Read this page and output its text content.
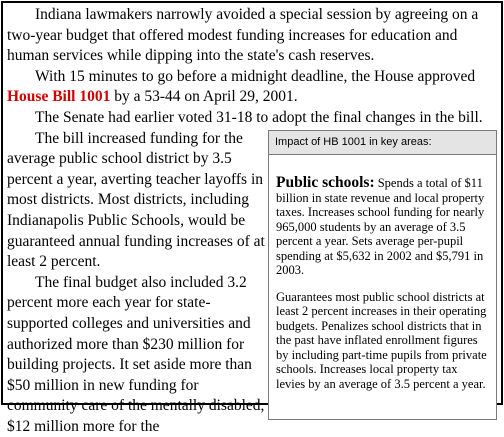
Indiana lawmakers narrowly avoided a special session by agreeing on a two-year budget that offered modest funding increases for education and human services while dipping into the state's cash reserves.

With 15 minutes to go before a midnight deadline, the House approved House Bill 1001 by a 53-44 on April 29, 2001.

The Senate had earlier voted 31-18 to adopt the final changes in the bill.

The bill increased funding for the average public school district by 3.5 percent a year, averting teacher layoffs in most districts. Most districts, including Indianapolis Public Schools, would be guaranteed annual funding increases of at least 2 percent.

The final budget also included 3.2 percent more each year for state-supported colleges and universities and authorized more than $230 million for building projects. It set aside more than $50 million in new funding for community care of the mentally disabled, $12 million more for the

Impact of HB 1001 in key areas:

Public schools: Spends a total of $11 billion in state revenue and local property taxes. Increases school funding for nearly 965,000 students by an average of 3.5 percent a year. Sets average per-pupil spending at $5,632 in 2002 and $5,791 in 2003.

Guarantees most public school districts at least 2 percent increases in their operating budgets. Penalizes school districts that in the past have inflated enrollment figures by including part-time pupils from private schools. Increases local property tax levies by an average of 3.5 percent a year.
